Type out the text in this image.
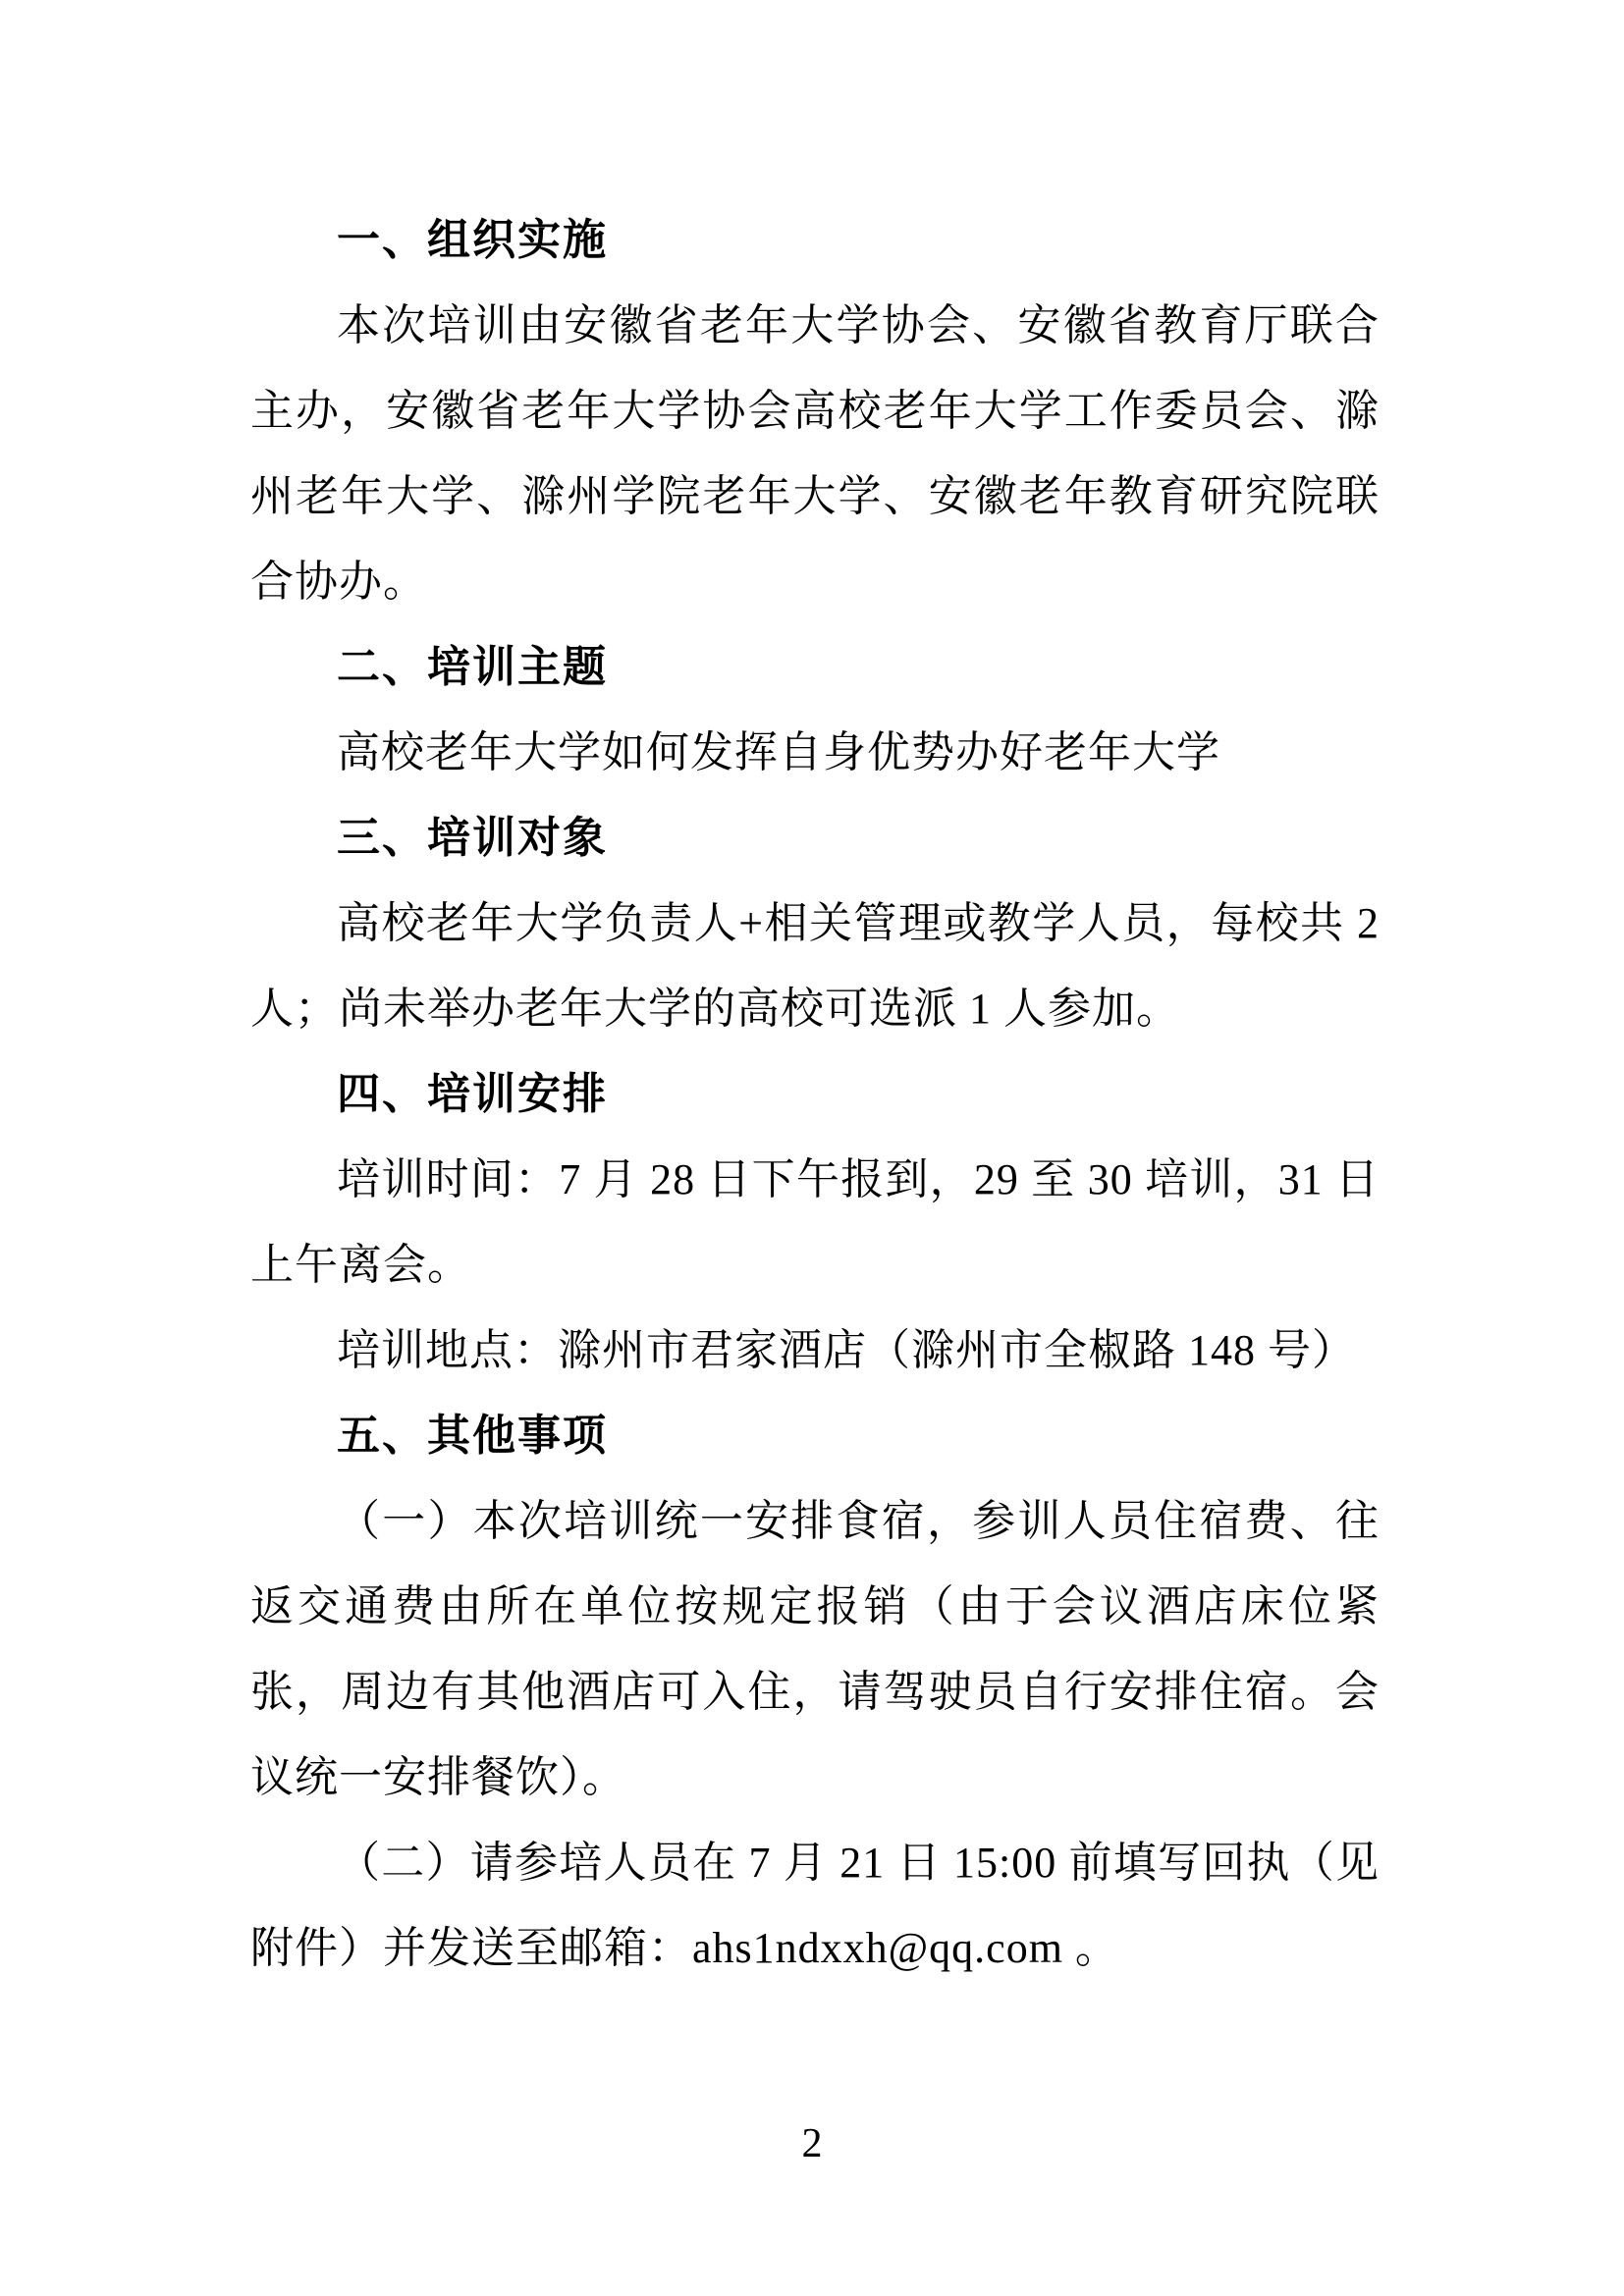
一、组织实施
本次培训由安徽省老年大学协会、安徽省教育厅联合主办，安徽省老年大学协会高校老年大学工作委员会、滁州老年大学、滁州学院老年大学、安徽老年教育研究院联合协办。
二、培训主题
高校老年大学如何发挥自身优势办好老年大学
三、培训对象
高校老年大学负责人+相关管理或教学人员，每校共 2 人；尚未举办老年大学的高校可选派 1 人参加。
四、培训安排
培训时间：7 月 28 日下午报到，29 至 30 培训，31 日上午离会。
培训地点：滁州市君家酒店（滁州市全椒路 148 号）
五、其他事项
（一）本次培训统一安排食宿，参训人员住宿费、往返交通费由所在单位按规定报销（由于会议酒店床位紧张，周边有其他酒店可入住，请驾驶员自行安排住宿。会议统一安排餐饮）。
（二）请参培人员在 7 月 21 日 15:00 前填写回执（见附件）并发送至邮箱：ahs1ndxxh@qq.com 。
2
